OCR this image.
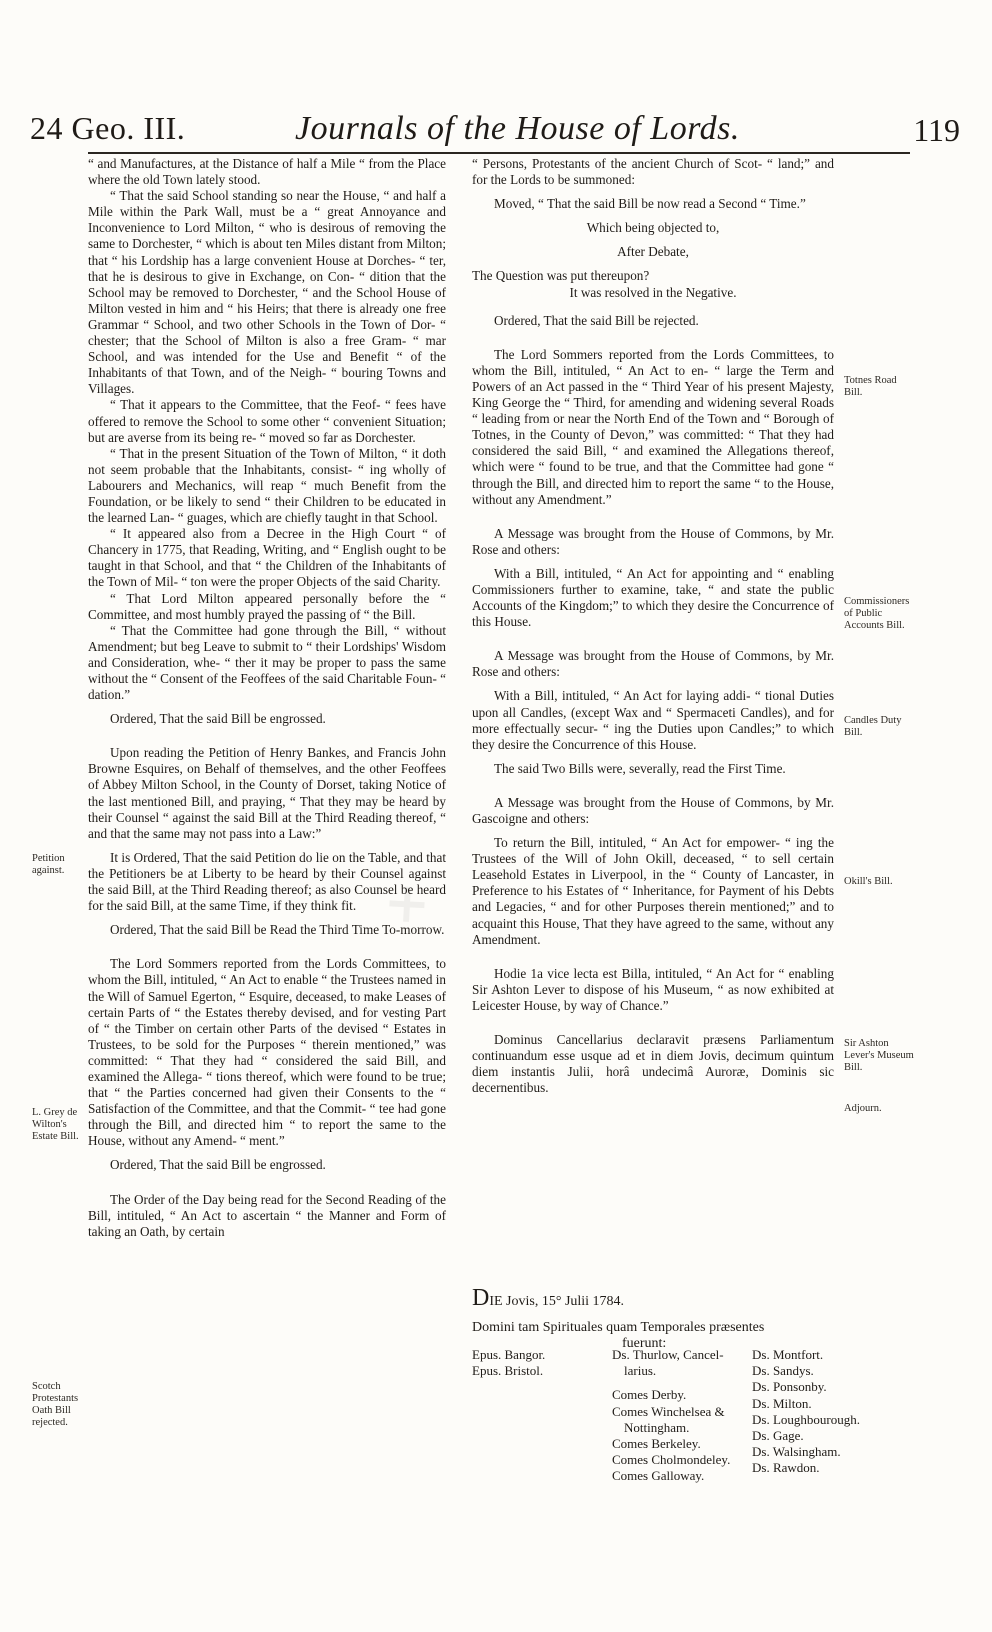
24 Geo. III.	Journals of the House of Lords.	119
✕

“ and Manufactures, at the Distance of half a Mile “ from the Place where the old Town lately stood.

“ That the said School standing so near the House, “ and half a Mile within the Park Wall, must be a “ great Annoyance and Inconvenience to Lord Milton, “ who is desirous of removing the same to Dorchester, “ which is about ten Miles distant from Milton; that “ his Lordship has a large convenient House at Dorches- “ ter, that he is desirous to give in Exchange, on Con- “ dition that the School may be removed to Dorchester, “ and the School House of Milton vested in him and “ his Heirs; that there is already one free Grammar “ School, and two other Schools in the Town of Dor- “ chester; that the School of Milton is also a free Gram- “ mar School, and was intended for the Use and Benefit “ of the Inhabitants of that Town, and of the Neigh- “ bouring Towns and Villages.

“ That it appears to the Committee, that the Feof- “ fees have offered to remove the School to some other “ convenient Situation; but are averse from its being re- “ moved so far as Dorchester.

“ That in the present Situation of the Town of Milton, “ it doth not seem probable that the Inhabitants, consist- “ ing wholly of Labourers and Mechanics, will reap “ much Benefit from the Foundation, or be likely to send “ their Children to be educated in the learned Lan- “ guages, which are chiefly taught in that School.

“ It appeared also from a Decree in the High Court “ of Chancery in 1775, that Reading, Writing, and “ English ought to be taught in that School, and that “ the Children of the Inhabitants of the Town of Mil- “ ton were the proper Objects of the said Charity.

“ That Lord Milton appeared personally before the “ Committee, and most humbly prayed the passing of “ the Bill.

“ That the Committee had gone through the Bill, “ without Amendment; but beg Leave to submit to “ their Lordships' Wisdom and Consideration, whe- “ ther it may be proper to pass the same without the “ Consent of the Feoffees of the said Charitable Foun- “ dation.”

Ordered, That the said Bill be engrossed.

Upon reading the Petition of Henry Bankes, and Francis John Browne Esquires, on Behalf of themselves, and the other Feoffees of Abbey Milton School, in the County of Dorset, taking Notice of the last mentioned Bill, and praying, “ That they may be heard by their Counsel “ against the said Bill at the Third Reading thereof, “ and that the same may not pass into a Law:”

It is Ordered, That the said Petition do lie on the Table, and that the Petitioners be at Liberty to be heard by their Counsel against the said Bill, at the Third Reading thereof; as also Counsel be heard for the said Bill, at the same Time, if they think fit.

Ordered, That the said Bill be Read the Third Time To-morrow.

The Lord Sommers reported from the Lords Committees, to whom the Bill, intituled, “ An Act to enable “ the Trustees named in the Will of Samuel Egerton, “ Esquire, deceased, to make Leases of certain Parts of “ the Estates thereby devised, and for vesting Part of “ the Timber on certain other Parts of the devised “ Estates in Trustees, to be sold for the Purposes “ therein mentioned,” was committed: “ That they had “ considered the said Bill, and examined the Allega- “ tions thereof, which were found to be true; that “ the Parties concerned had given their Consents to the “ Satisfaction of the Committee, and that the Commit- “ tee had gone through the Bill, and directed him “ to report the same to the House, without any Amend- “ ment.”

Ordered, That the said Bill be engrossed.

The Order of the Day being read for the Second Reading of the Bill, intituled, “ An Act to ascertain “ the Manner and Form of taking an Oath, by certain

Petition against.
L. Grey de Wilton's Estate Bill.
Scotch Protestants Oath Bill rejected.

“ Persons, Protestants of the ancient Church of Scot- “ land;” and for the Lords to be summoned:

Moved, “ That the said Bill be now read a Second “ Time.”

Which being objected to,

After Debate,

The Question was put thereupon?

It was resolved in the Negative.

Ordered, That the said Bill be rejected.

The Lord Sommers reported from the Lords Committees, to whom the Bill, intituled, “ An Act to en- “ large the Term and Powers of an Act passed in the “ Third Year of his present Majesty, King George the “ Third, for amending and widening several Roads “ leading from or near the North End of the Town and “ Borough of Totnes, in the County of Devon,” was committed: “ That they had considered the said Bill, “ and examined the Allegations thereof, which were “ found to be true, and that the Committee had gone “ through the Bill, and directed him to report the same “ to the House, without any Amendment.”

A Message was brought from the House of Commons, by Mr. Rose and others:

With a Bill, intituled, “ An Act for appointing and “ enabling Commissioners further to examine, take, “ and state the public Accounts of the Kingdom;” to which they desire the Concurrence of this House.

A Message was brought from the House of Commons, by Mr. Rose and others:

With a Bill, intituled, “ An Act for laying addi- “ tional Duties upon all Candles, (except Wax and “ Spermaceti Candles), and for more effectually secur- “ ing the Duties upon Candles;” to which they desire the Concurrence of this House.

The said Two Bills were, severally, read the First Time.

A Message was brought from the House of Commons, by Mr. Gascoigne and others:

To return the Bill, intituled, “ An Act for empower- “ ing the Trustees of the Will of John Okill, deceased, “ to sell certain Leasehold Estates in Liverpool, in the “ County of Lancaster, in Preference to his Estates of “ Inheritance, for Payment of his Debts and Legacies, “ and for other Purposes therein mentioned;” and to acquaint this House, That they have agreed to the same, without any Amendment.

Hodie 1a vice lecta est Billa, intituled, “ An Act for “ enabling Sir Ashton Lever to dispose of his Museum, “ as now exhibited at Leicester House, by way of Chance.”

Dominus Cancellarius declaravit præsens Parliamentum continuandum esse usque ad et in diem Jovis, decimum quintum diem instantis Julii, horâ undecimâ Auroræ, Dominis sic decernentibus.

Totnes Road Bill.
Commissioners of Public Accounts Bill.
Candles Duty Bill.
Okill's Bill.
Sir Ashton Lever's Museum Bill.
Adjourn.
DIE Jovis, 15° Julii 1784.
Domini tam Spirituales quam Temporales præsentes
fuerunt:
Epus. Bangor.
Epus. Bristol.
Ds. Thurlow, Cancel-
larius.
Comes Derby.
Comes Winchelsea &
Nottingham.
Comes Berkeley.
Comes Cholmondeley.
Comes Galloway.
Ds. Montfort.
Ds. Sandys.
Ds. Ponsonby.
Ds. Milton.
Ds. Loughbourough.
Ds. Gage.
Ds. Walsingham.
Ds. Rawdon.
